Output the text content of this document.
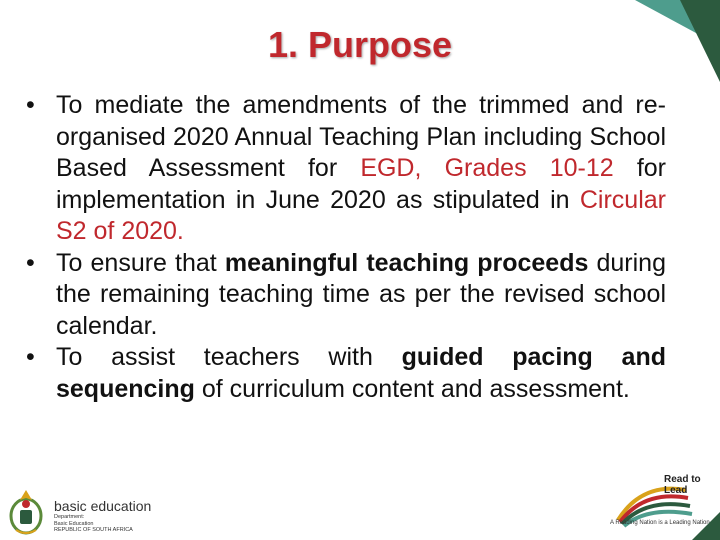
1. Purpose
• To mediate the amendments of the trimmed and re-organised 2020 Annual Teaching Plan including School Based Assessment for EGD, Grades 10-12 for implementation in June 2020 as stipulated in Circular S2 of 2020.
• To ensure that meaningful teaching proceeds during the remaining teaching time as per the revised school calendar.
• To assist teachers with guided pacing and sequencing of curriculum content and assessment.
basic education
Department:
Basic Education
REPUBLIC OF SOUTH AFRICA
Read to Lead
A Reading Nation is a Leading Nation
